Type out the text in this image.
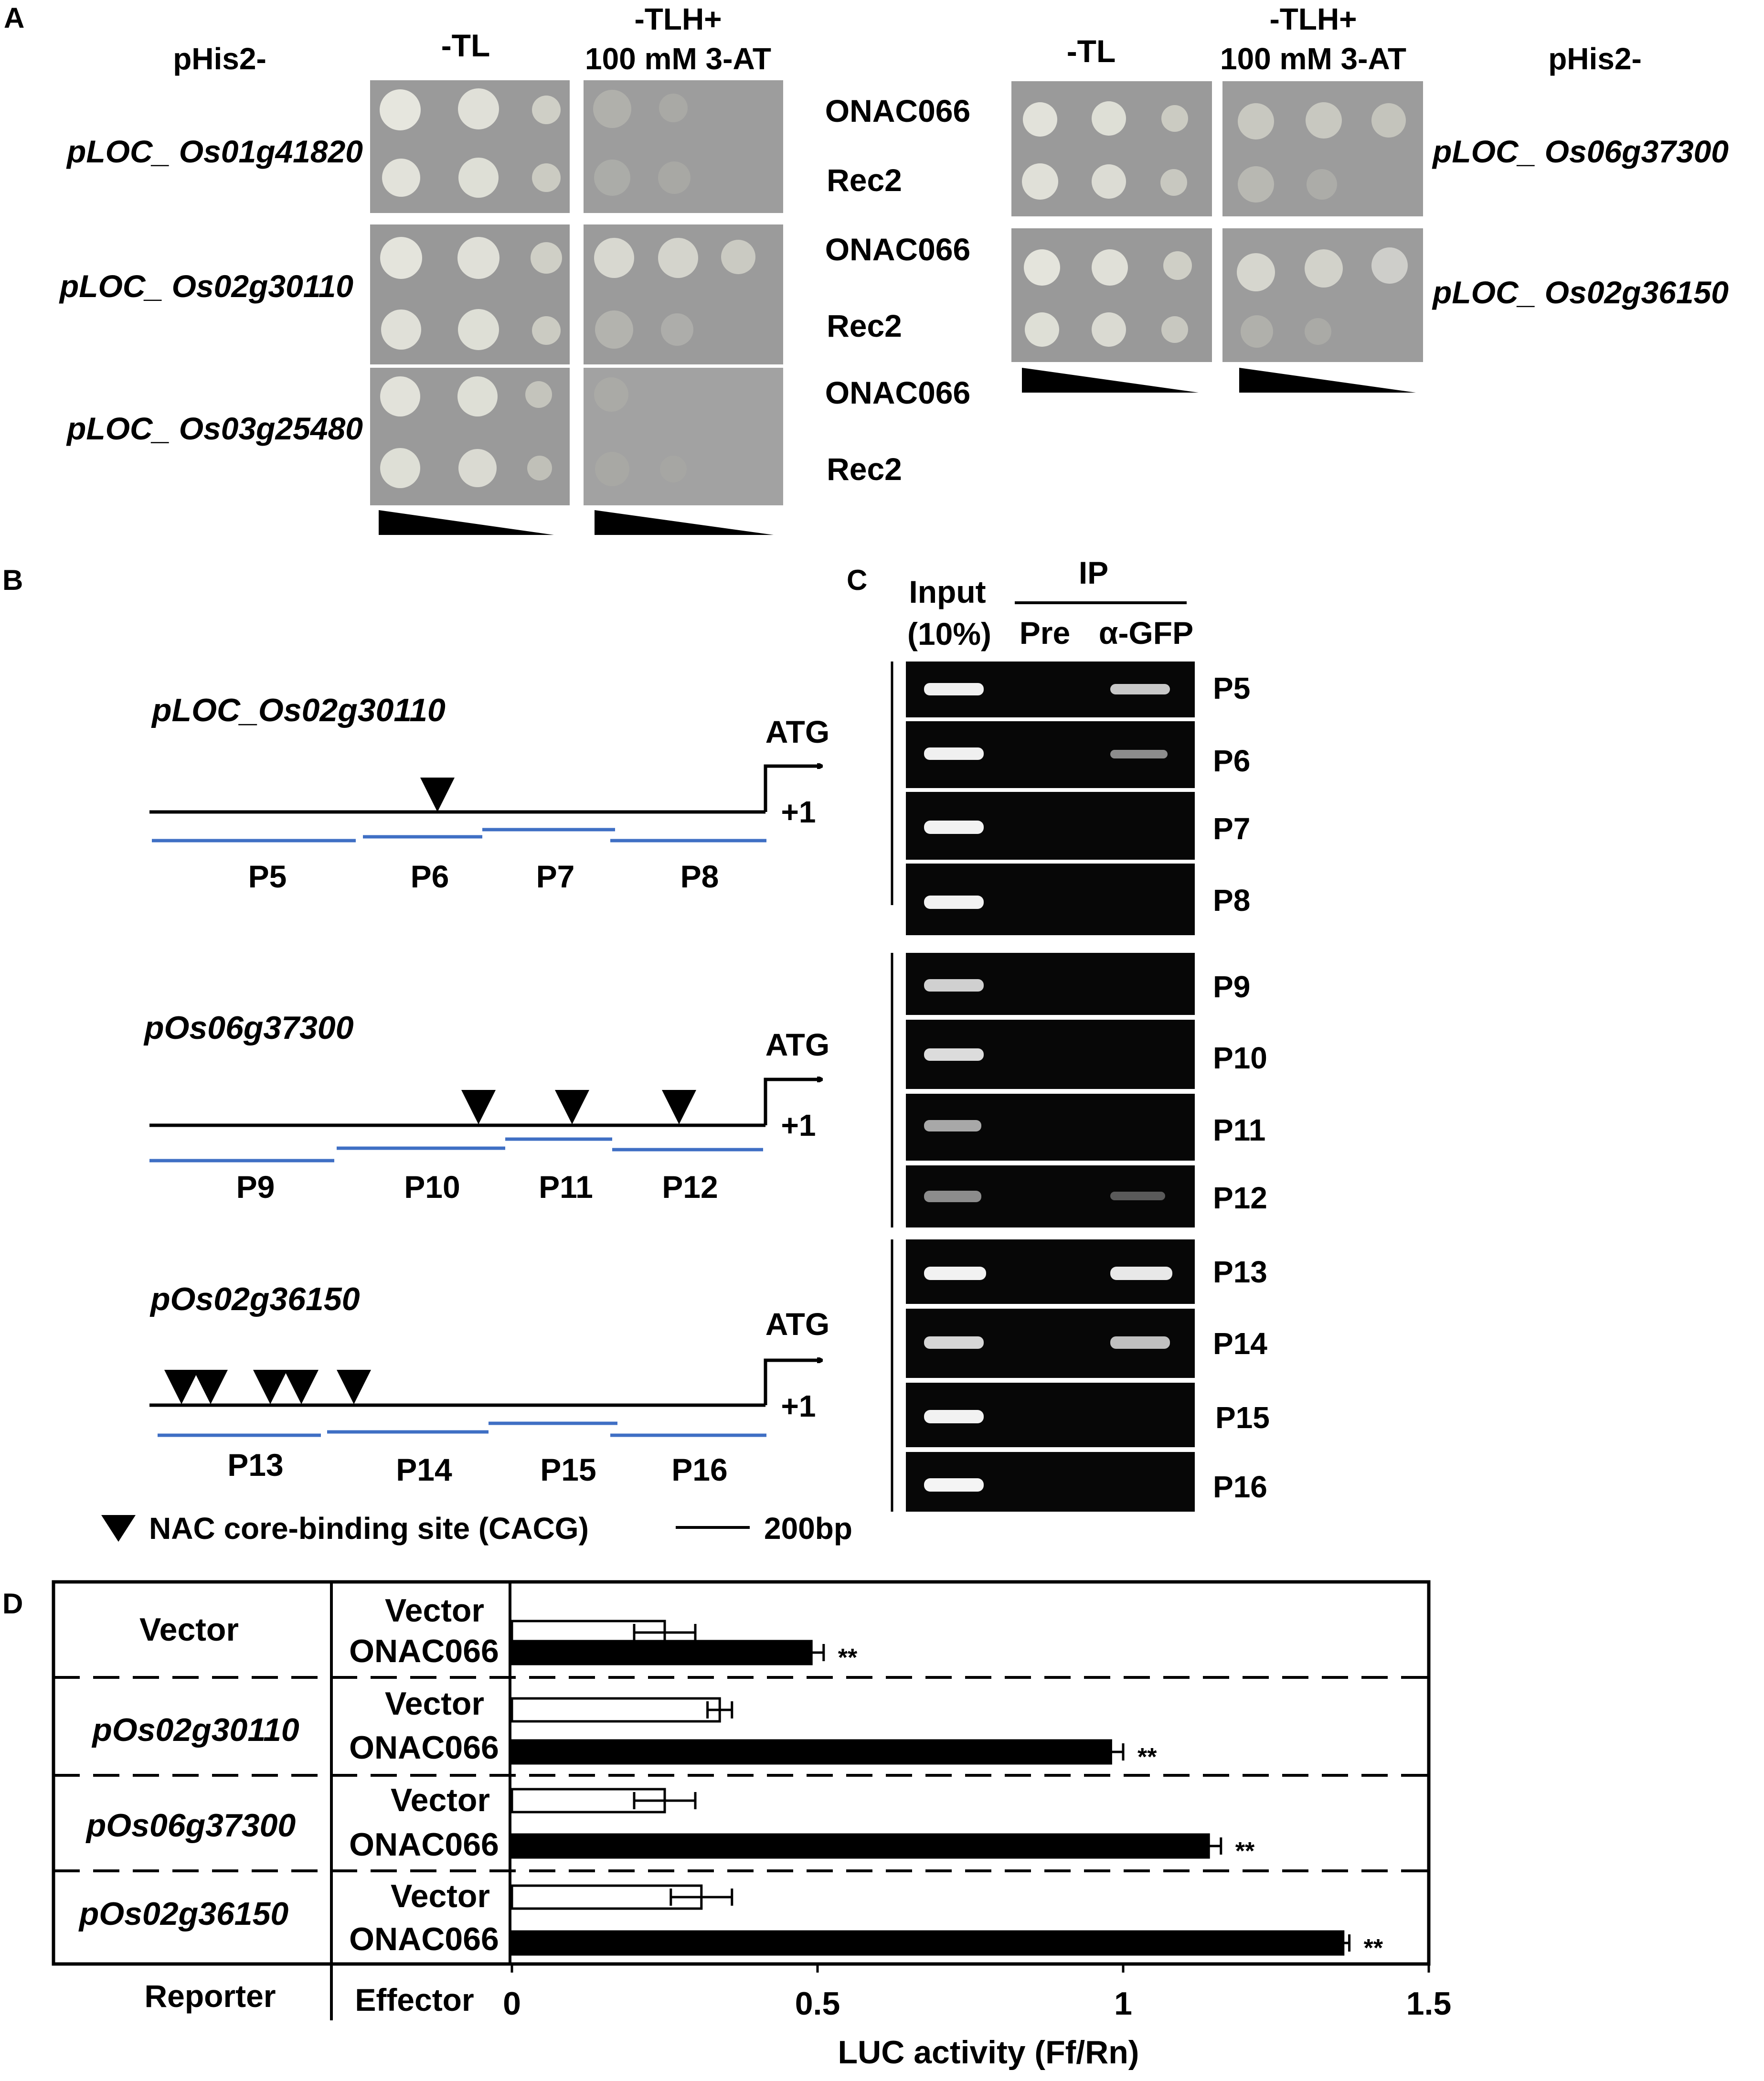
A
pHis2-	-TL
-TLH+
100 mM 3-AT	-TL
-TLH+
100 mM 3-AT	pHis2-
pLOC_ Os01g41820
pLOC_ Os02g30110
pLOC_ Os03g25480
ONAC066
Rec2
ONAC066
Rec2
ONAC066
Rec2
pLOC_ Os06g37300
pLOC_ Os02g36150
B
pLOC_Os02g30110
ATG
+1
P5	P6	P7	P8
pOs06g37300	ATG
+1
P9	P10 P11 P12
pOs02g36150
ATG
+1
P13	P14	P15 P16
NAC core-binding site (CACG)	200bp
C Input
(10%)
IP
Pre α-GFP
P5
P6
P7
P8
P9
P10
P11
P12
P13
P14
P15
P16
D
Vector
pOs02g30110
pOs06g37300
pOs02g36150
Vector
ONAC066
Vector
ONAC066
Vector
ONAC066
Vector
ONAC066
**
**
**
**
0	0.5	1	1.5
Reporter	Effector
LUC activity (Ff/Rn)
